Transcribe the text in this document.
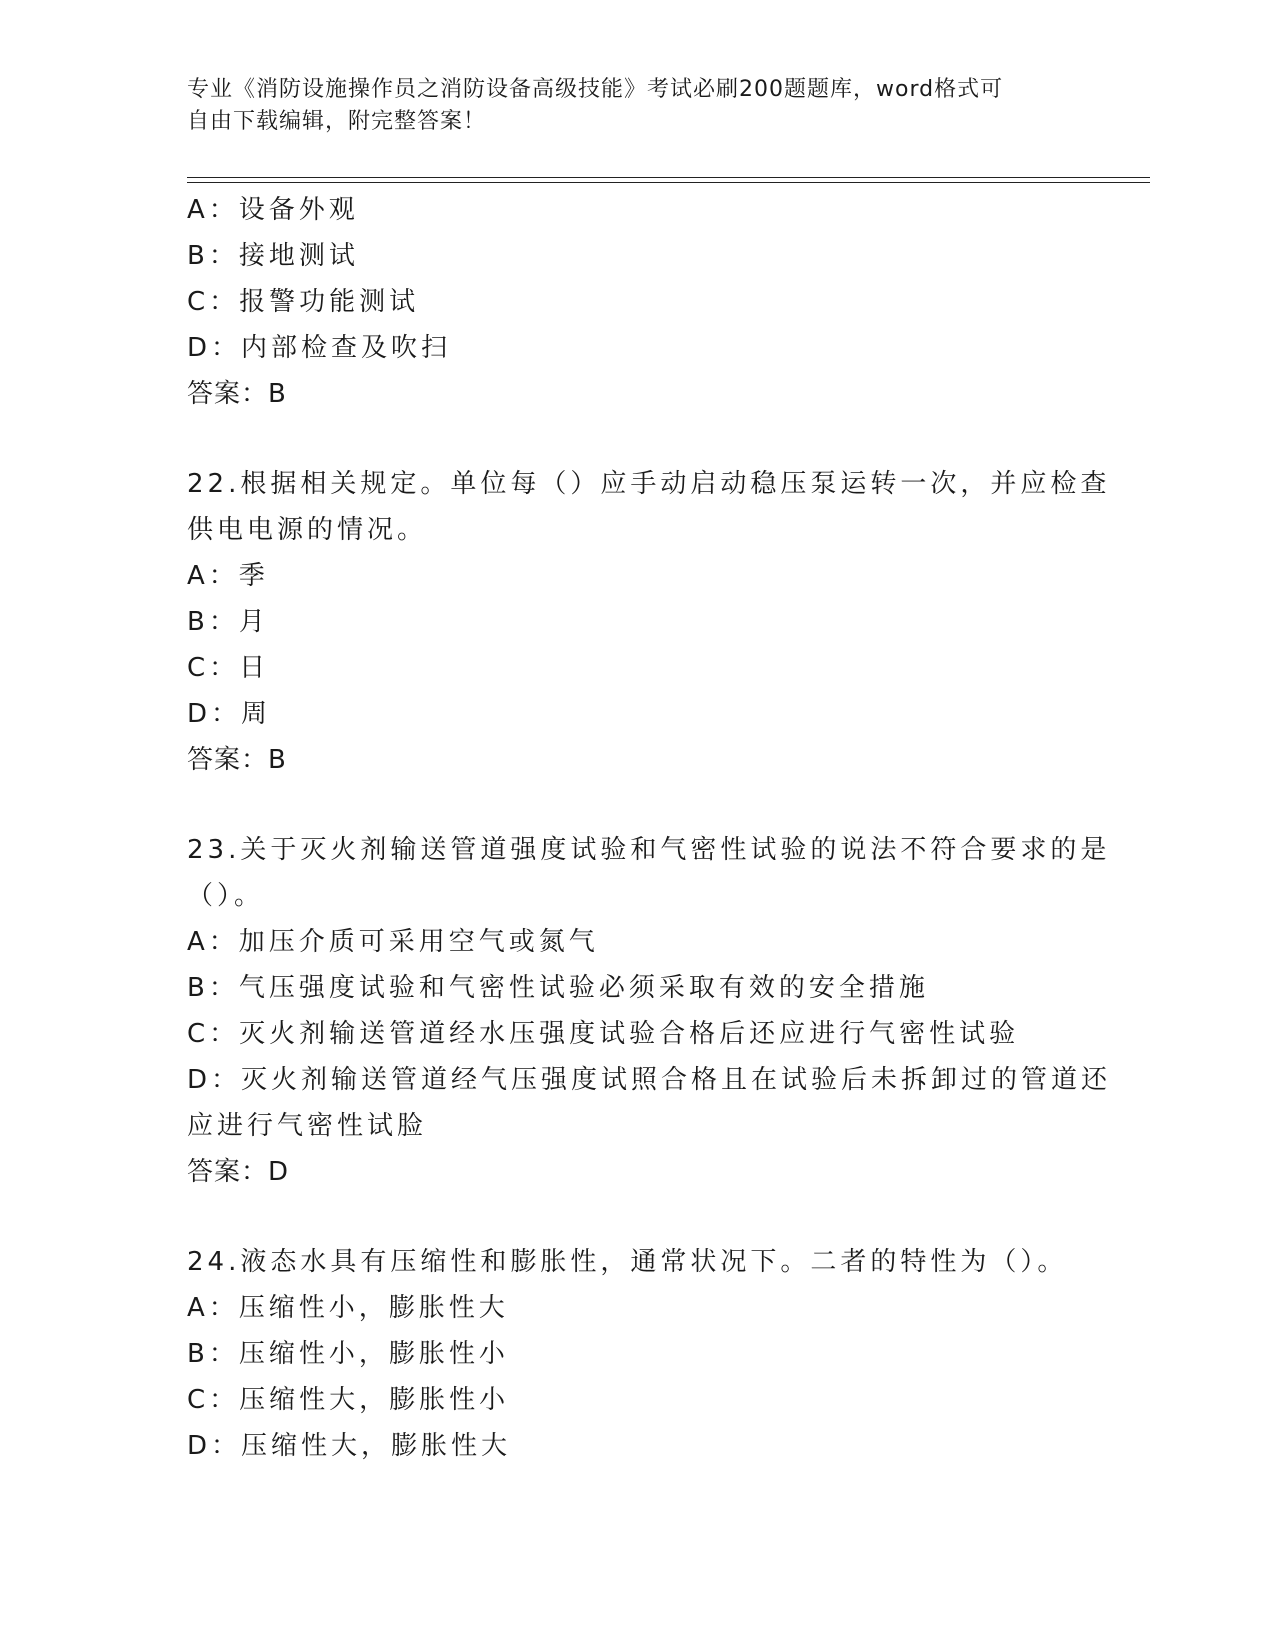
专业《消防设施操作员之消防设备高级技能》考试必刷200题题库，word格式可
自由下载编辑，附完整答案！
A：设备外观
B：接地测试
C：报警功能测试
D：内部检查及吹扫
答案：B
22.根据相关规定。单位每（）应手动启动稳压泵运转一次，并应检查
供电电源的情况。
A：季
B：月
C：日
D：周
答案：B
23.关于灭火剂输送管道强度试验和气密性试验的说法不符合要求的是
（）。
A：加压介质可采用空气或氮气
B：气压强度试验和气密性试验必须采取有效的安全措施
C：灭火剂输送管道经水压强度试验合格后还应进行气密性试验
D：灭火剂输送管道经气压强度试照合格且在试验后未拆卸过的管道还
应进行气密性试脸
答案：D
24.液态水具有压缩性和膨胀性，通常状况下。二者的特性为（）。
A：压缩性小，膨胀性大
B：压缩性小，膨胀性小
C：压缩性大，膨胀性小
D：压缩性大，膨胀性大
